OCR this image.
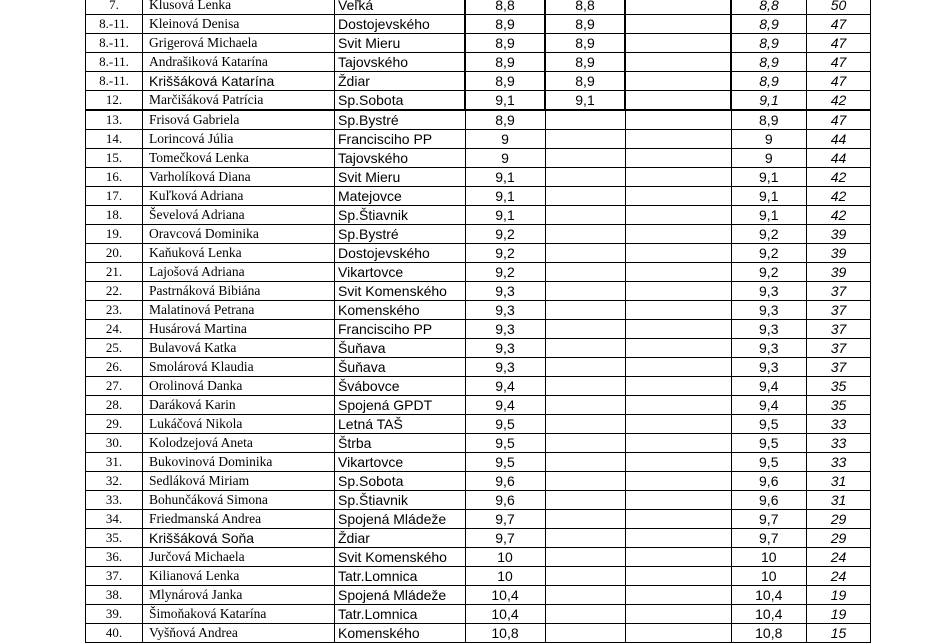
7.	Klusová Lenka	Veľká	8,8	8,8		8,8	50
8.-11.	Kleinová Denisa	Dostojevského	8,9	8,9		8,9	47
8.-11.	Grigerová Michaela	Svit Mieru	8,9	8,9		8,9	47
8.-11.	Andrašiková Katarína	Tajovského	8,9	8,9		8,9	47
8.-11.	Kriššáková Katarína	Ždiar	8,9	8,9		8,9	47
12.	Marčišáková Patrícia	Sp.Sobota	9,1	9,1		9,1	42
13.	Frisová Gabriela	Sp.Bystré	8,9			8,9	47
14.	Lorincová Júlia	Francisciho PP	9			9	44
15.	Tomečková Lenka	Tajovského	9			9	44
16.	Varholíková Diana	Svit Mieru	9,1			9,1	42
17.	Kuľková Adriana	Matejovce	9,1			9,1	42
18.	Ševelová Adriana	Sp.Štiavnik	9,1			9,1	42
19.	Oravcová Dominika	Sp.Bystré	9,2			9,2	39
20.	Kaňuková Lenka	Dostojevského	9,2			9,2	39
21.	Lajošová Adriana	Vikartovce	9,2			9,2	39
22.	Pastrnáková Bibiána	Svit Komenského	9,3			9,3	37
23.	Malatinová Petrana	Komenského	9,3			9,3	37
24.	Husárová Martina	Francisciho PP	9,3			9,3	37
25.	Bulavová Katka	Šuňava	9,3			9,3	37
26.	Smolárová Klaudia	Šuňava	9,3			9,3	37
27.	Orolinová Danka	Švábovce	9,4			9,4	35
28.	Daráková Karin	Spojená GPDT	9,4			9,4	35
29.	Lukáčová Nikola	Letná TAŠ	9,5			9,5	33
30.	Kolodzejová Aneta	Štrba	9,5			9,5	33
31.	Bukovinová Dominika	Vikartovce	9,5			9,5	33
32.	Sedláková Miriam	Sp.Sobota	9,6			9,6	31
33.	Bohunčáková Simona	Sp.Štiavnik	9,6			9,6	31
34.	Friedmanská Andrea	Spojená Mládeže	9,7			9,7	29
35.	Kriššáková Soňa	Ždiar	9,7			9,7	29
36.	Jurčová Michaela	Svit Komenského	10			10	24
37.	Kilianová Lenka	Tatr.Lomnica	10			10	24
38.	Mlynárová Janka	Spojená Mládeže	10,4			10,4	19
39.	Šimoňaková Katarína	Tatr.Lomnica	10,4			10,4	19
40.	Vyšňová Andrea	Komenského	10,8			10,8	15
